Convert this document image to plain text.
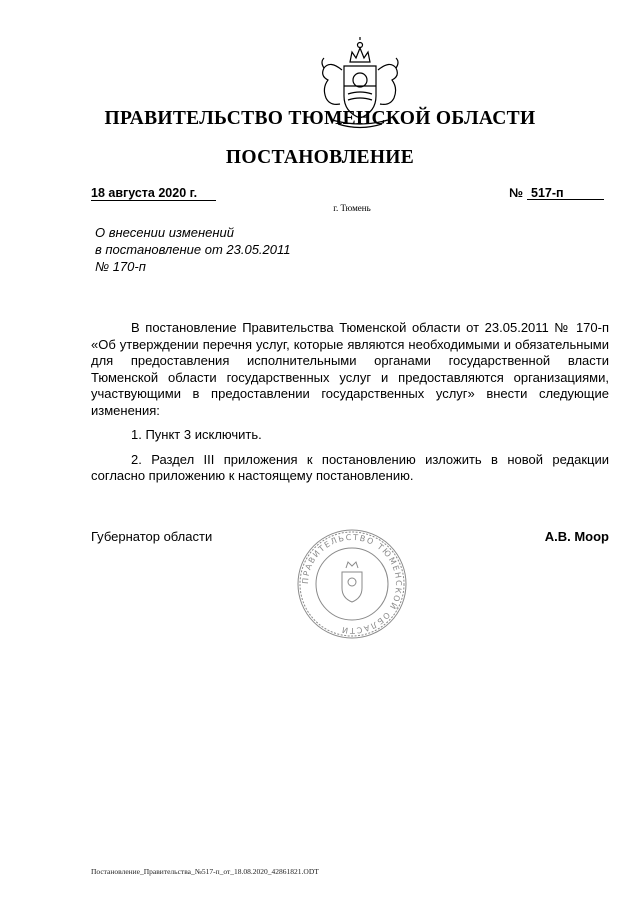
ПРАВИТЕЛЬСТВО ТЮМЕНСКОЙ ОБЛАСТИ
ПОСТАНОВЛЕНИЕ
18 августа 2020 г.	№ 517-п
г. Тюмень
О внесении изменений
в постановление от 23.05.2011
№ 170-п

В постановление Правительства Тюменской области от 23.05.2011 № 170-п «Об утверждении перечня услуг, которые являются необходимыми и обязательными для предоставления исполнительными органами государственной власти Тюменской области государственных услуг и предоставляются организациями, участвующими в предоставлении государственных услуг» внести следующие изменения:

1. Пункт 3 исключить.

2. Раздел III приложения к постановлению изложить в новой редакции согласно приложению к настоящему постановлению.

Губернатор области
ПРАВИТЕЛЬСТВО ТЮМЕНСКОЙ ОБЛАСТИ
А.В. Моор
Постановление_Правительства_№517-п_от_18.08.2020_42861821.ODT
